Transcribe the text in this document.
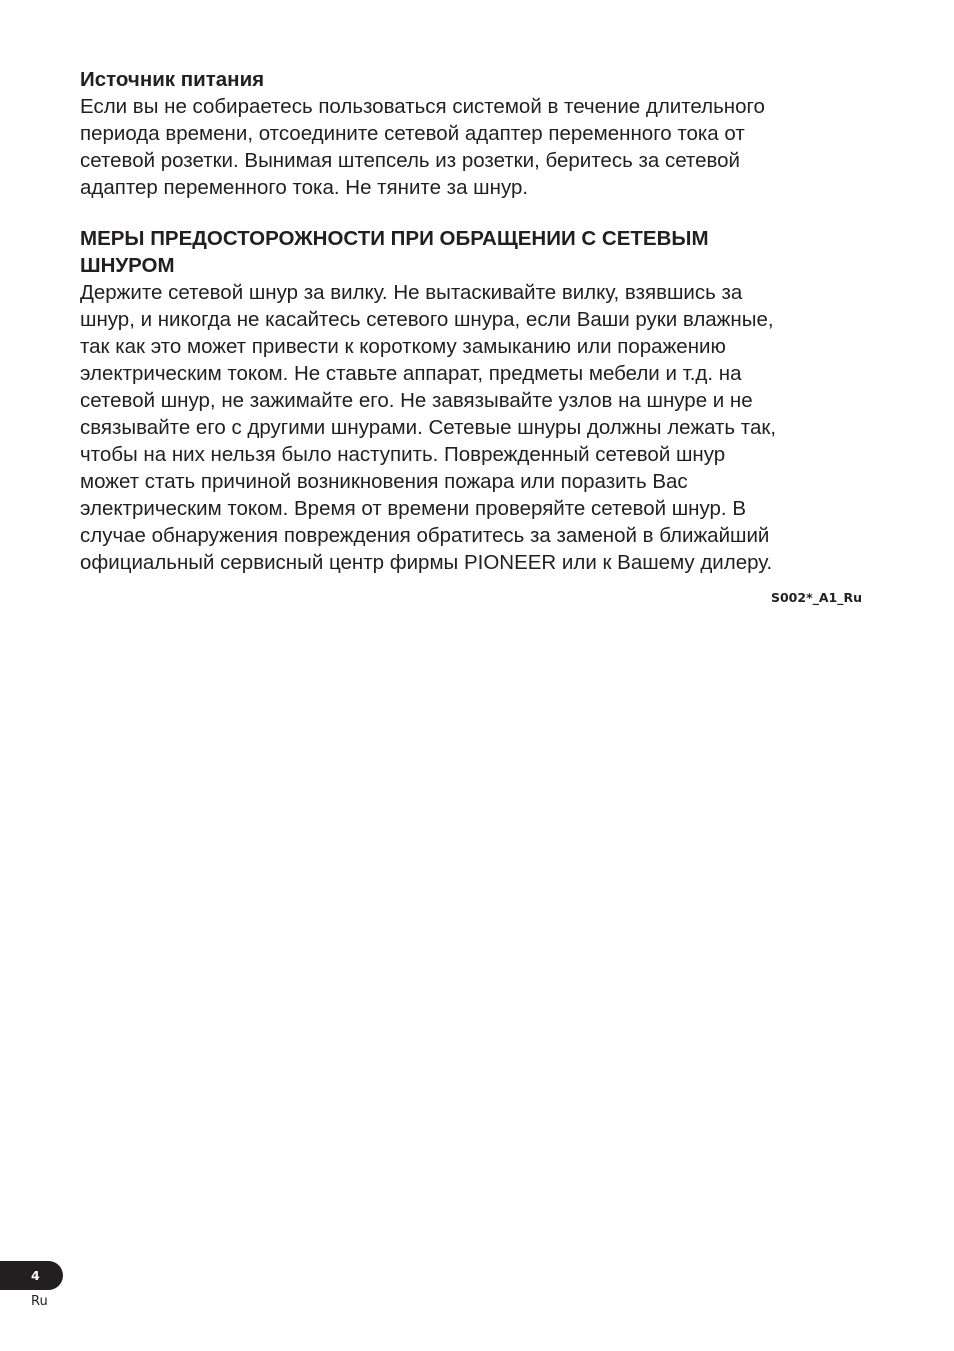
Источник питания

Если вы не собираетесь пользоваться системой в течение длительного
периода времени, отсоедините сетевой адаптер переменного тока от
сетевой розетки. Вынимая штепсель из розетки, беритесь за сетевой
адаптер переменного тока. Не тяните за шнур.
МЕРЫ ПРЕДОСТОРОЖНОСТИ ПРИ ОБРАЩЕНИИ С СЕТЕВЫМ
ШНУРОМ
Держите сетевой шнур за вилку. Не вытаскивайте вилку, взявшись за
шнур, и никогда не касайтесь сетевого шнура, если Ваши руки влажные,
так как это может привести к короткому замыканию или поражению
электрическим током. Не ставьте аппарат, предметы мебели и т.д. на
сетевой шнур, не зажимайте его. Не завязывайте узлов на шнуре и не
связывайте его с другими шнурами. Сетевые шнуры должны лежать так,
чтобы на них нельзя было наступить. Поврежденный сетевой шнур
может стать причиной возникновения пожара или поразить Вас
электрическим током. Время от времени проверяйте сетевой шнур. В
случае обнаружения повреждения обратитесь за заменой в ближайший
официальный сервисный центр фирмы PIONEER или к Вашему дилеру.
S002*_A1_Ru
4
Ru
